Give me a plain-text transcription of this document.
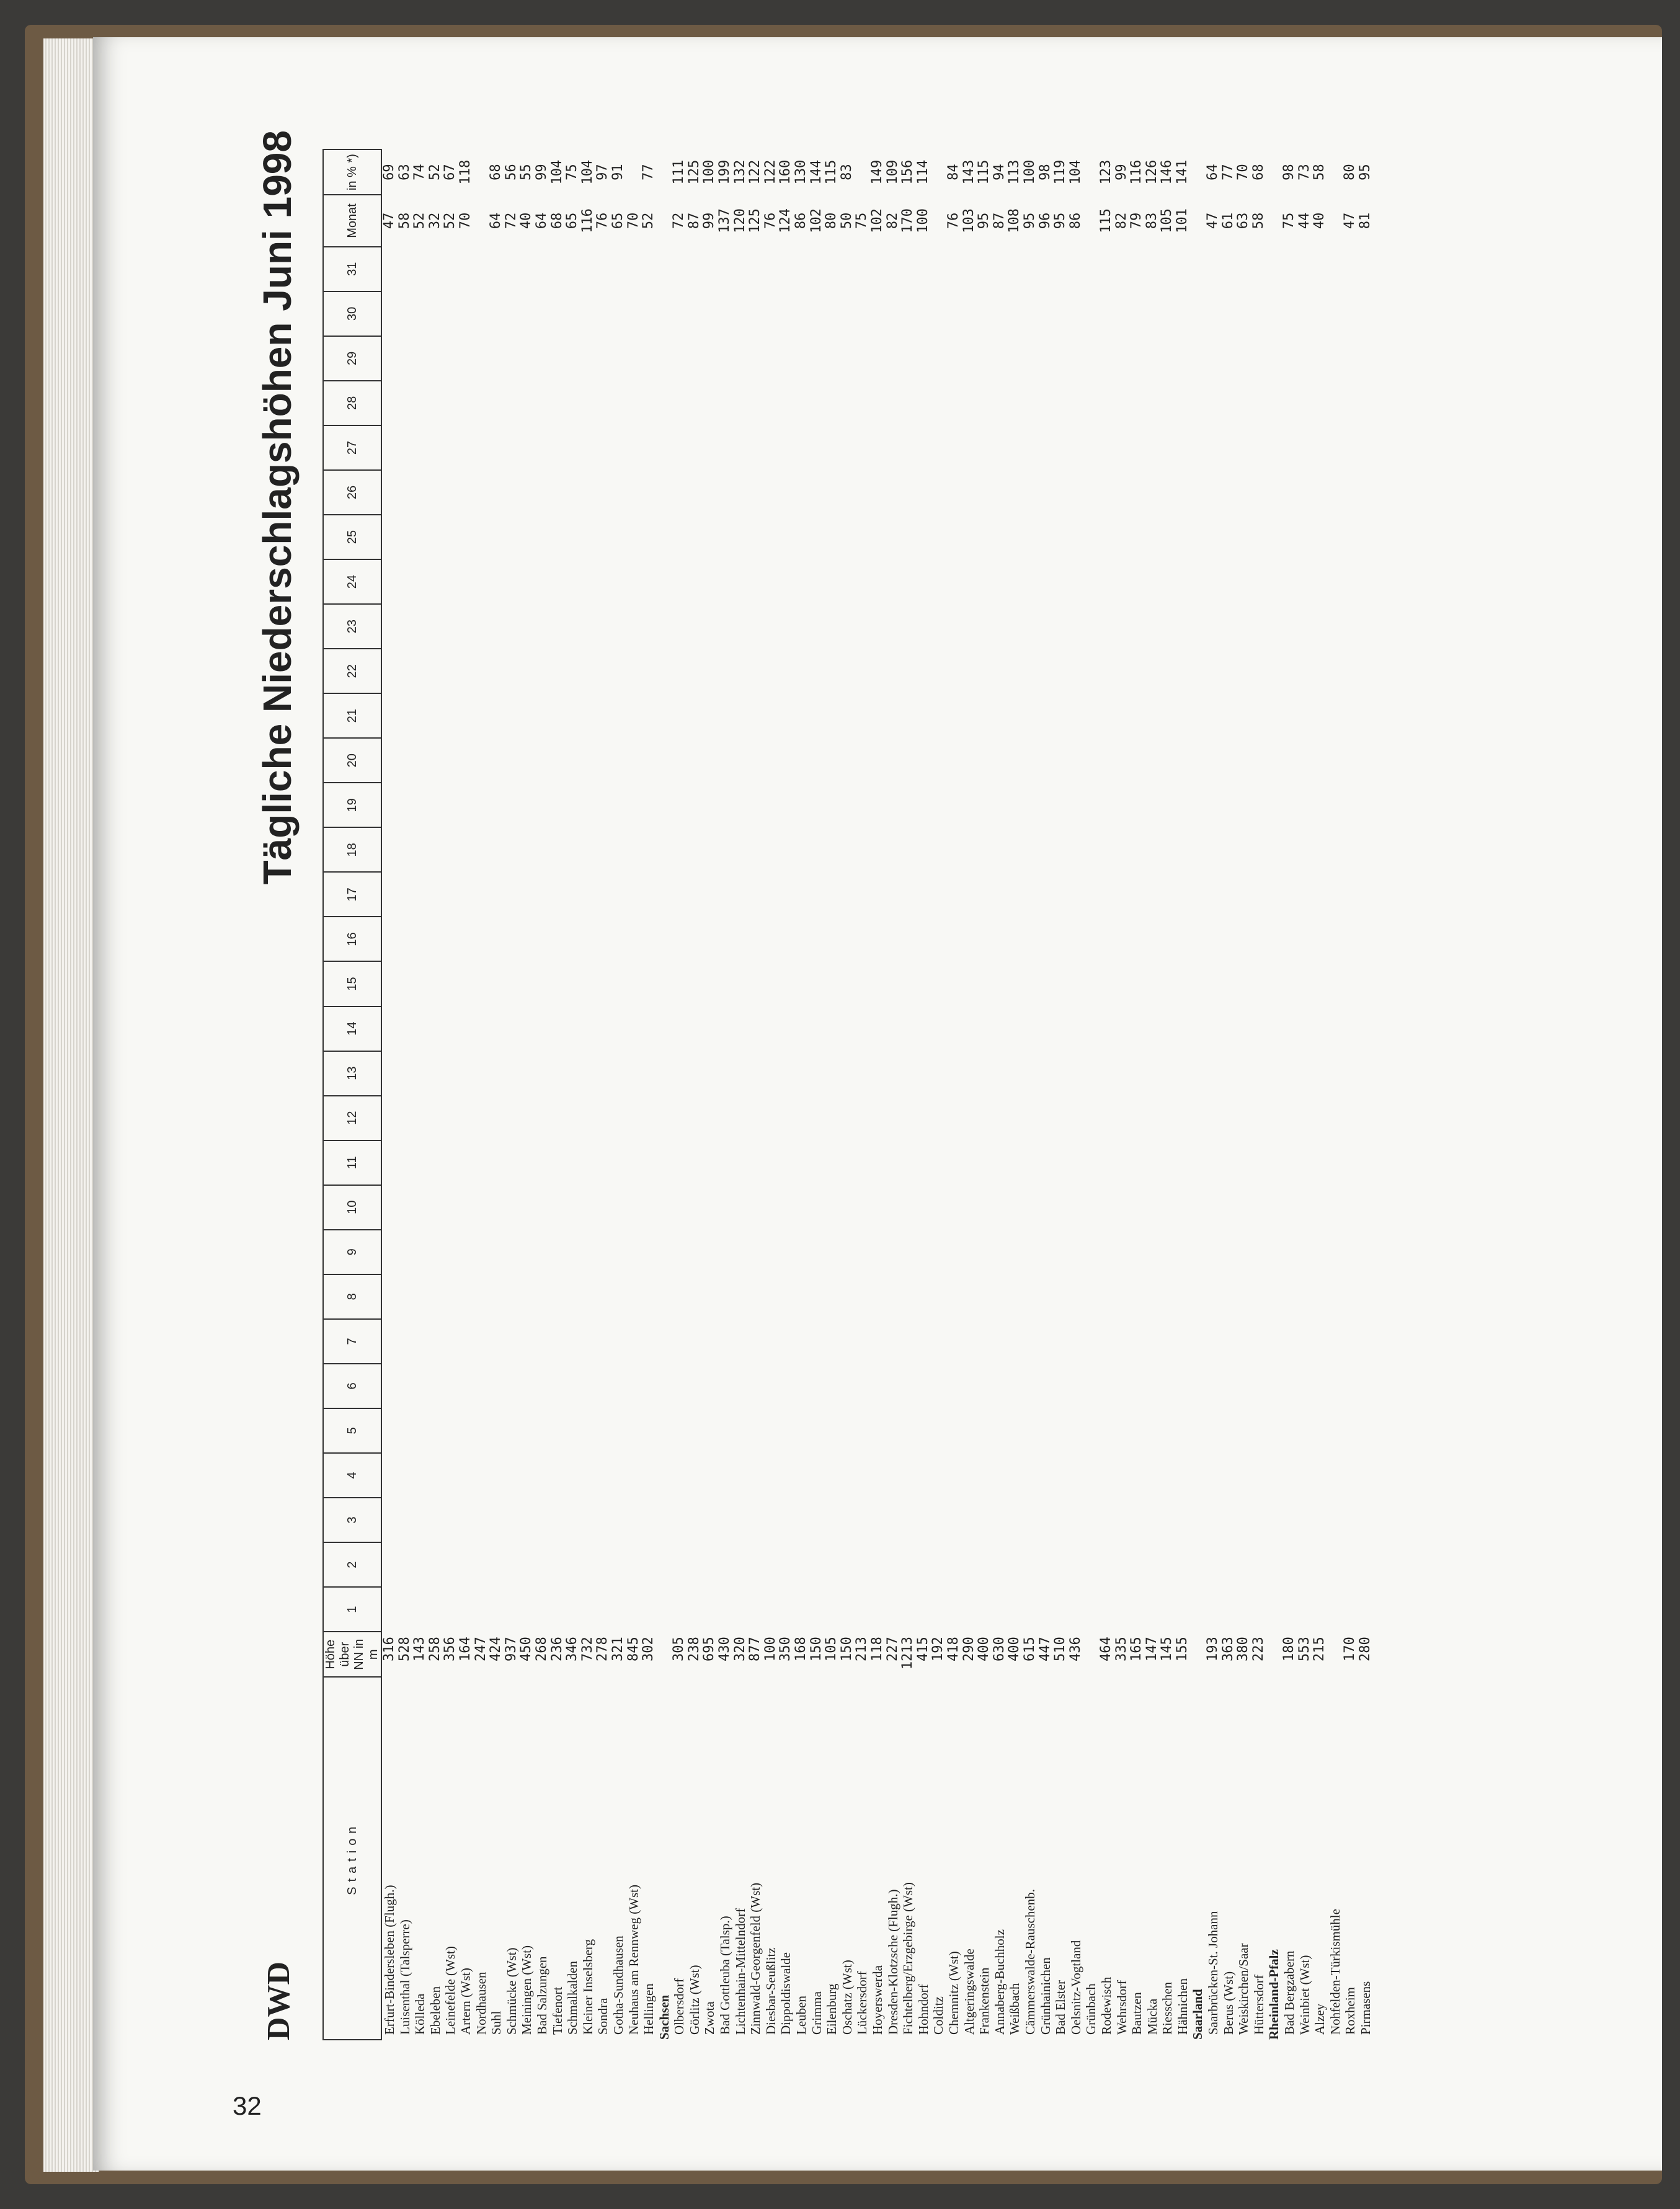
32
DWD
Tägliche Niederschlagshöhen Juni 1998
Station	Höhe über NN in m	1	2	3	4	5	6	7	8	9	10	11	12	13	14	15	16	17	18	19	20	21	22	23	24	25	26	27	28	29	30	31	Monat	in % *)
Erfurt-Bindersleben (Flugh.)	316																																47	69
Luisenthal (Talsperre)	528																																58	63
Kölleda	143																																52	74
Ebeleben	258																																32	52
Leinefelde (Wst)	356																																52	67
Artern (Wst)	164																																70	118
Nordhausen	247																																	
Suhl	424																																64	68
Schmücke (Wst)	937																																72	56
Meiningen (Wst)	450																																40	55
Bad Salzungen	268																																64	99
Tiefenort	236																																68	104
Schmalkalden	346																																65	75
Kleiner Inselsberg	732																																116	104
Sondra	278																																76	97
Gotha-Sundhausen	321																																65	91
Neuhaus am Rennweg (Wst)	845																																70	
Hellingen	302																																52	77
Sachsen																																		
Olbersdorf	305																																72	111
Görlitz (Wst)	238																																87	125
Zwota	695																																99	100
Bad Gottleuba (Talsp.)	430																																137	199
Lichtenhain-Mittelndorf	320																																120	132
Zinnwald-Georgenfeld (Wst)	877																																125	122
Diesbar-Seußlitz	100																																76	122
Dippoldiswalde	350																																124	160
Leuben	168																																86	130
Grimma	150																																102	144
Eilenburg	105																																80	115
Oschatz (Wst)	150																																50	83
Lückersdorf	213																																75	
Hoyerswerda	118																																102	149
Dresden-Klotzsche (Flugh.)	227																																82	109
Fichtelberg/Erzgebirge (Wst)	1213																																170	156
Hohndorf	415																																100	114
Colditz	192																																	
Chemnitz (Wst)	418																																76	84
Altgeringswalde	290																																103	143
Frankenstein	400																																95	115
Annaberg-Buchholz	630																																87	94
Weißbach	400																																108	113
Cämmerswalde-Rauschenb.	615																																95	100
Grünhainichen	447																																96	98
Bad Elster	510																																95	119
Oelsnitz-Vogtland	436																																86	104
Grünbach																																		
Rodewisch	464																																115	123
Wehrsdorf	335																																82	99
Bautzen	165																																79	116
Mücka	147																																83	126
Riesschen	145																																105	146
Hähnichen	155																																101	141
Saarland																																		
Saarbrücken-St. Johann	193																																47	64
Berus (Wst)	363																																61	77
Weiskirchen/Saar	380																																63	70
Hüttersdorf	223																																58	68
Rheinland-Pfalz																																		
Bad Bergzabern	180																																75	98
Weinbiet (Wst)	553																																44	73
Alzey	215																																40	58
Nohfelden-Türkismühle																																		
Roxheim	170																																47	80
Pirmasens	280																																81	95
